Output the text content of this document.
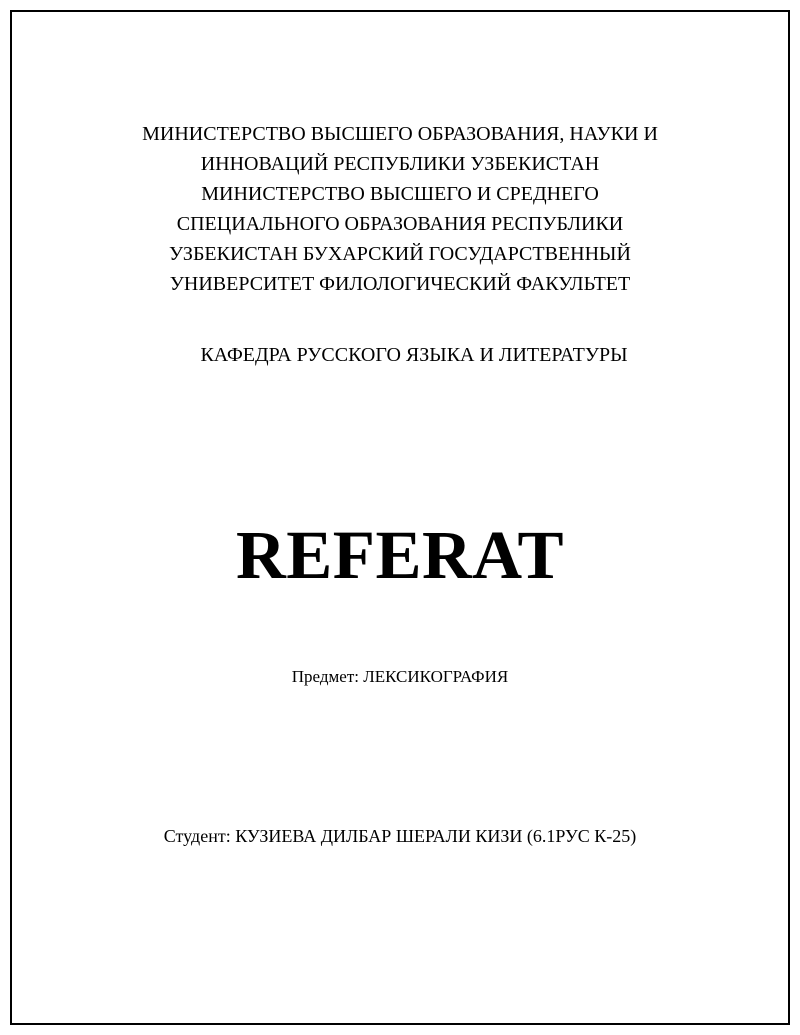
МИНИСТЕРСТВО ВЫСШЕГО ОБРАЗОВАНИЯ, НАУКИ И
ИННОВАЦИЙ РЕСПУБЛИКИ УЗБЕКИСТАН
МИНИСТЕРСТВО ВЫСШЕГО И СРЕДНЕГО
СПЕЦИАЛЬНОГО ОБРАЗОВАНИЯ РЕСПУБЛИКИ
УЗБЕКИСТАН БУХАРСКИЙ ГОСУДАРСТВЕННЫЙ
УНИВЕРСИТЕТ ФИЛОЛОГИЧЕСКИЙ ФАКУЛЬТЕТ
КАФЕДРА РУССКОГО ЯЗЫКА И ЛИТЕРАТУРЫ
REFERAT
Предмет: ЛЕКСИКОГРАФИЯ
Студент: КУЗИЕВА ДИЛБАР ШЕРАЛИ КИЗИ (6.1РУС К-25)
